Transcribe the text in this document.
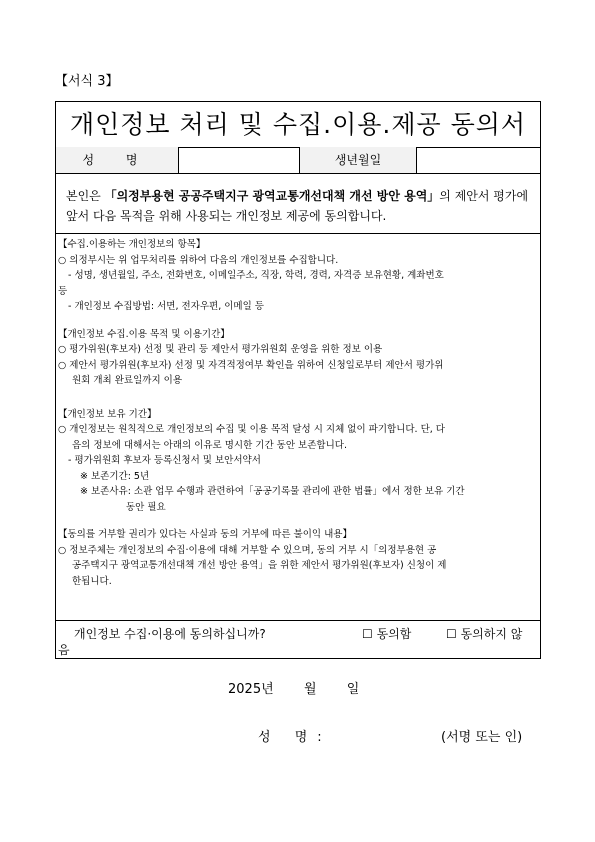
【서식 3】
개인정보 처리 및 수집.이용.제공 동의서
성 명	생년월일
본인은 「의정부용현 공공주택지구 광역교통개선대책 개선 방안 용역」의 제안서 평가에 앞서 다음 목적을 위해 사용되는 개인정보 제공에 동의합니다.
【수집.이용하는 개인정보의 항목】
○ 의정부시는 위 업무처리를 위하여 다음의 개인정보를 수집합니다.
- 성명, 생년월일, 주소, 전화번호, 이메일주소, 직장, 학력, 경력, 자격증 보유현황, 계좌번호
등
- 개인정보 수집방법: 서면, 전자우편, 이메일 등
【개인정보 수집.이용 목적 및 이용기간】
○ 평가위원(후보자) 선정 및 관리 등 제안서 평가위원회 운영을 위한 정보 이용
○ 제안서 평가위원(후보자) 선정 및 자격적정여부 확인을 위하여 신청일로부터 제안서 평가위
원회 개최 완료일까지 이용
【개인정보 보유 기간】
○ 개인정보는 원칙적으로 개인정보의 수집 및 이용 목적 달성 시 지체 없이 파기합니다. 단, 다
음의 정보에 대해서는 아래의 이유로 명시한 기간 동안 보존합니다.
- 평가위원회 후보자 등록신청서 및 보안서약서
※ 보존기간: 5년
※ 보존사유: 소관 업무 수행과 관련하여「공공기록물 관리에 관한 법률」에서 정한 보유 기간
동안 필요
【동의를 거부할 권리가 있다는 사실과 동의 거부에 따른 불이익 내용】
○ 정보주체는 개인정보의 수집·이용에 대해 거부할 수 있으며, 동의 거부 시「의정부용현 공
공주택지구 광역교통개선대책 개선 방안 용역」을 위한 제안서 평가위원(후보자) 신청이 제
한됩니다.
개인정보 수집·이용에 동의하십니까?	☐ 동의함	☐ 동의하지 않
음
2025년 월 일
성 명:	(서명 또는 인)
